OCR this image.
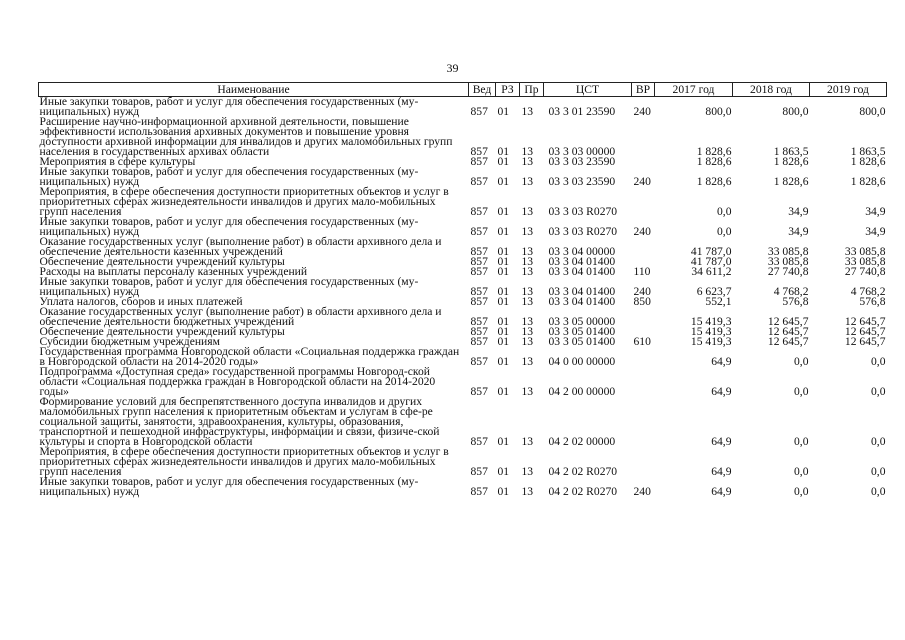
39
Наименование	Вед	РЗ	Пр	ЦСТ	ВР	2017 год	2018 год	2019 год
Иные закупки товаров, работ и услуг для обеспечения государственных (му-ниципальных) нужд	857	01	13	03 3 01 23590	240	800,0	800,0	800,0
Расширение научно-информационной архивной деятельности, повышение эффективности использования архивных документов и повышение уровня доступности архивной информации для инвалидов и других маломобильных групп населения в государственных архивах области	857	01	13	03 3 03 00000		1 828,6	1 863,5	1 863,5
Мероприятия в сфере культуры	857	01	13	03 3 03 23590		1 828,6	1 828,6	1 828,6
Иные закупки товаров, работ и услуг для обеспечения государственных (му-ниципальных) нужд	857	01	13	03 3 03 23590	240	1 828,6	1 828,6	1 828,6
Мероприятия, в сфере обеспечения доступности приоритетных объектов и услуг в приоритетных сферах жизнедеятельности инвалидов и других мало-мобильных групп населения	857	01	13	03 3 03 R0270		0,0	34,9	34,9
Иные закупки товаров, работ и услуг для обеспечения государственных (му-ниципальных) нужд	857	01	13	03 3 03 R0270	240	0,0	34,9	34,9
Оказание государственных услуг (выполнение работ) в области архивного дела и обеспечение деятельности казенных учреждений	857	01	13	03 3 04 00000		41 787,0	33 085,8	33 085,8
Обеспечение деятельности учреждений культуры	857	01	13	03 3 04 01400		41 787,0	33 085,8	33 085,8
Расходы на выплаты персоналу казенных учреждений	857	01	13	03 3 04 01400	110	34 611,2	27 740,8	27 740,8
Иные закупки товаров, работ и услуг для обеспечения государственных (му-ниципальных) нужд	857	01	13	03 3 04 01400	240	6 623,7	4 768,2	4 768,2
Уплата налогов, сборов и иных платежей	857	01	13	03 3 04 01400	850	552,1	576,8	576,8
Оказание государственных услуг (выполнение работ) в области архивного дела и обеспечение деятельности бюджетных учреждений	857	01	13	03 3 05 00000		15 419,3	12 645,7	12 645,7
Обеспечение деятельности учреждений культуры	857	01	13	03 3 05 01400		15 419,3	12 645,7	12 645,7
Субсидии бюджетным учреждениям	857	01	13	03 3 05 01400	610	15 419,3	12 645,7	12 645,7
Государственная программа Новгородской области «Социальная поддержка граждан в Новгородской области на 2014-2020 годы»	857	01	13	04 0 00 00000		64,9	0,0	0,0
Подпрограмма «Доступная среда» государственной программы Новгород-ской области «Социальная поддержка граждан в Новгородской области на 2014-2020 годы»	857	01	13	04 2 00 00000		64,9	0,0	0,0
Формирование условий для беспрепятственного доступа инвалидов и других маломобильных групп населения к приоритетным объектам и услугам в сфе-ре социальной защиты, занятости, здравоохранения, культуры, образования, транспортной и пешеходной инфраструктуры, информации и связи, физиче-ской культуры и спорта в Новгородской области	857	01	13	04 2 02 00000		64,9	0,0	0,0
Мероприятия, в сфере обеспечения доступности приоритетных объектов и услуг в приоритетных сферах жизнедеятельности инвалидов и других мало-мобильных групп населения	857	01	13	04 2 02 R0270		64,9	0,0	0,0
Иные закупки товаров, работ и услуг для обеспечения государственных (му-ниципальных) нужд	857	01	13	04 2 02 R0270	240	64,9	0,0	0,0
